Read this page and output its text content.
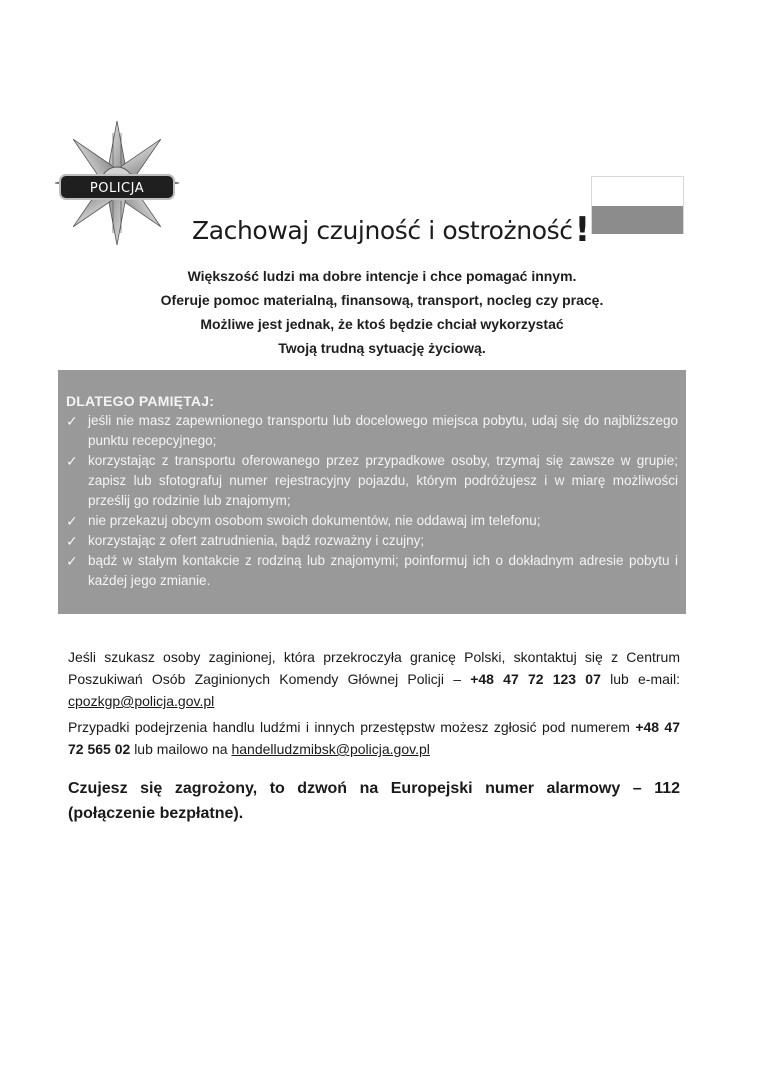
POLICJA
Zachowaj czujność i ostrożność!

Większość ludzi ma dobre intencje i chce pomagać innym.

Oferuje pomoc materialną, finansową, transport, nocleg czy pracę.

Możliwe jest jednak, że ktoś będzie chciał wykorzystać

Twoją trudną sytuację życiową.

DLATEGO PAMIĘTAJ:

✓ jeśli nie masz zapewnionego transportu lub docelowego miejsca pobytu, udaj się do najbliższego punktu recepcyjnego;
✓ korzystając z transportu oferowanego przez przypadkowe osoby, trzymaj się zawsze w grupie; zapisz lub sfotografuj numer rejestracyjny pojazdu, którym podróżujesz i w miarę możliwości prześlij go rodzinie lub znajomym;
✓ nie przekazuj obcym osobom swoich dokumentów, nie oddawaj im telefonu;
✓ korzystając z ofert zatrudnienia, bądź rozważny i czujny;
✓ bądź w stałym kontakcie z rodziną lub znajomymi; poinformuj ich o dokładnym adresie pobytu i każdej jego zmianie.

Jeśli szukasz osoby zaginionej, która przekroczyła granicę Polski, skontaktuj się z Centrum Poszukiwań Osób Zaginionych Komendy Głównej Policji – +48 47 72 123 07 lub e-mail: cpozkgp@policja.gov.pl

Przypadki podejrzenia handlu ludźmi i innych przestępstw możesz zgłosić pod numerem +48 47 72 565 02 lub mailowo na handelludzmibsk@policja.gov.pl

Czujesz się zagrożony, to dzwoń na Europejski numer alarmowy – 112 (połączenie bezpłatne).
